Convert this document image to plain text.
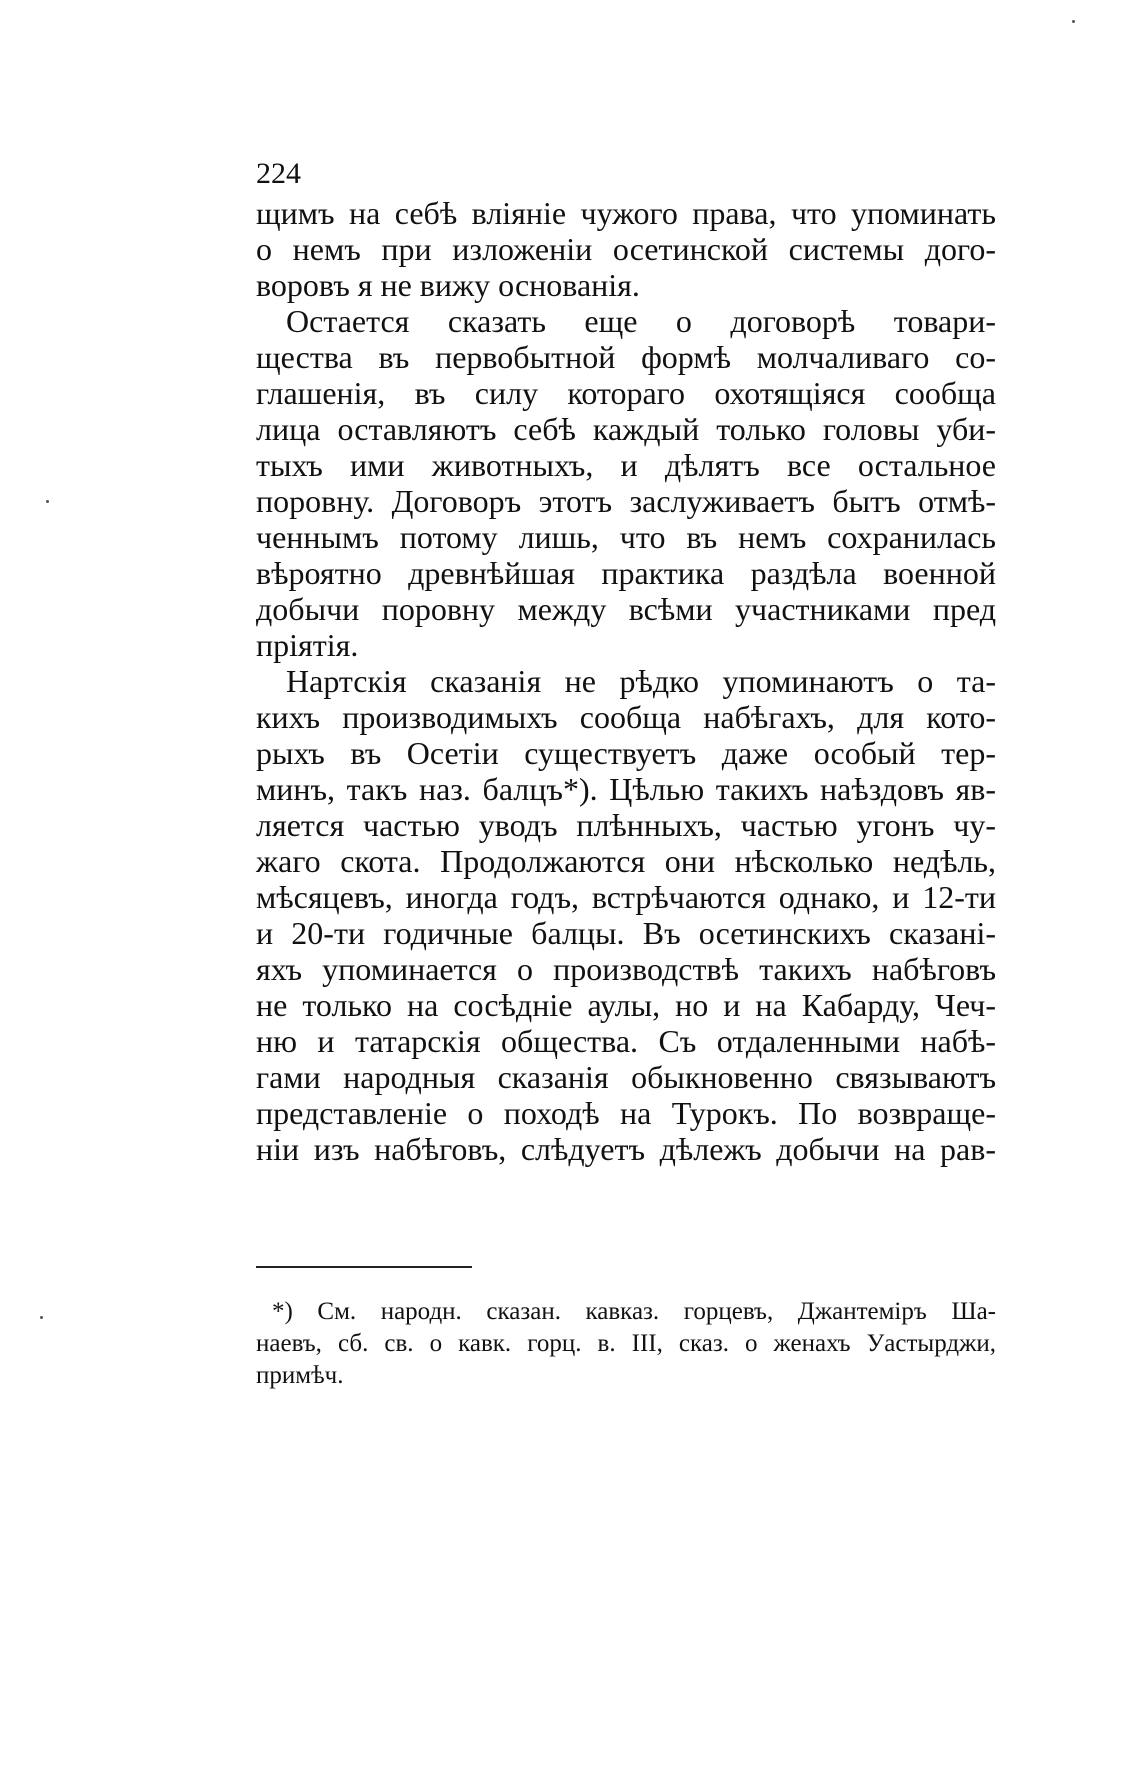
224
щимъ на себѣ вліяніе чужого права, что упоминать
о немъ при изложеніи осетинской системы дого-
воровъ я не вижу основанія.
Остается сказать еще о договорѣ товари-
щества въ первобытной формѣ молчаливаго со-
глашенія, въ силу котораго охотящіяся сообща
лица оставляютъ себѣ каждый только головы уби-
тыхъ ими животныхъ, и дѣлятъ все остальное
поровну. Договоръ этотъ заслуживаетъ бытъ отмѣ-
ченнымъ потому лишь, что въ немъ сохранилась
вѣроятно древнѣйшая практика раздѣла военной
добычи поровну между всѣми участниками пред
пріятія.
Нартскія сказанія не рѣдко упоминаютъ о та-
кихъ производимыхъ сообща набѣгахъ, для кото-
рыхъ въ Осетіи существуетъ даже особый тер-
минъ, такъ наз. балцъ*). Цѣлью такихъ наѣздовъ яв-
ляется частью уводъ плѣнныхъ, частью угонъ чу-
жаго скота. Продолжаются они нѣсколько недѣль,
мѣсяцевъ, иногда годъ, встрѣчаются однако, и 12-ти
и 20-ти годичные балцы. Въ осетинскихъ сказані-
яхъ упоминается о производствѣ такихъ набѣговъ
не только на сосѣдніе аулы, но и на Кабарду, Чеч-
ню и татарскія общества. Съ отдаленными набѣ-
гами народныя сказанія обыкновенно связываютъ
представленіе о походѣ на Турокъ. По возвраще-
ніи изъ набѣговъ, слѣдуетъ дѣлежъ добычи на рав-
*) См. народн. сказан. кавказ. горцевъ, Джантеміръ Ша-
наевъ, сб. св. о кавк. горц. в. III, сказ. о женахъ Уастырджи,
примѣч.
